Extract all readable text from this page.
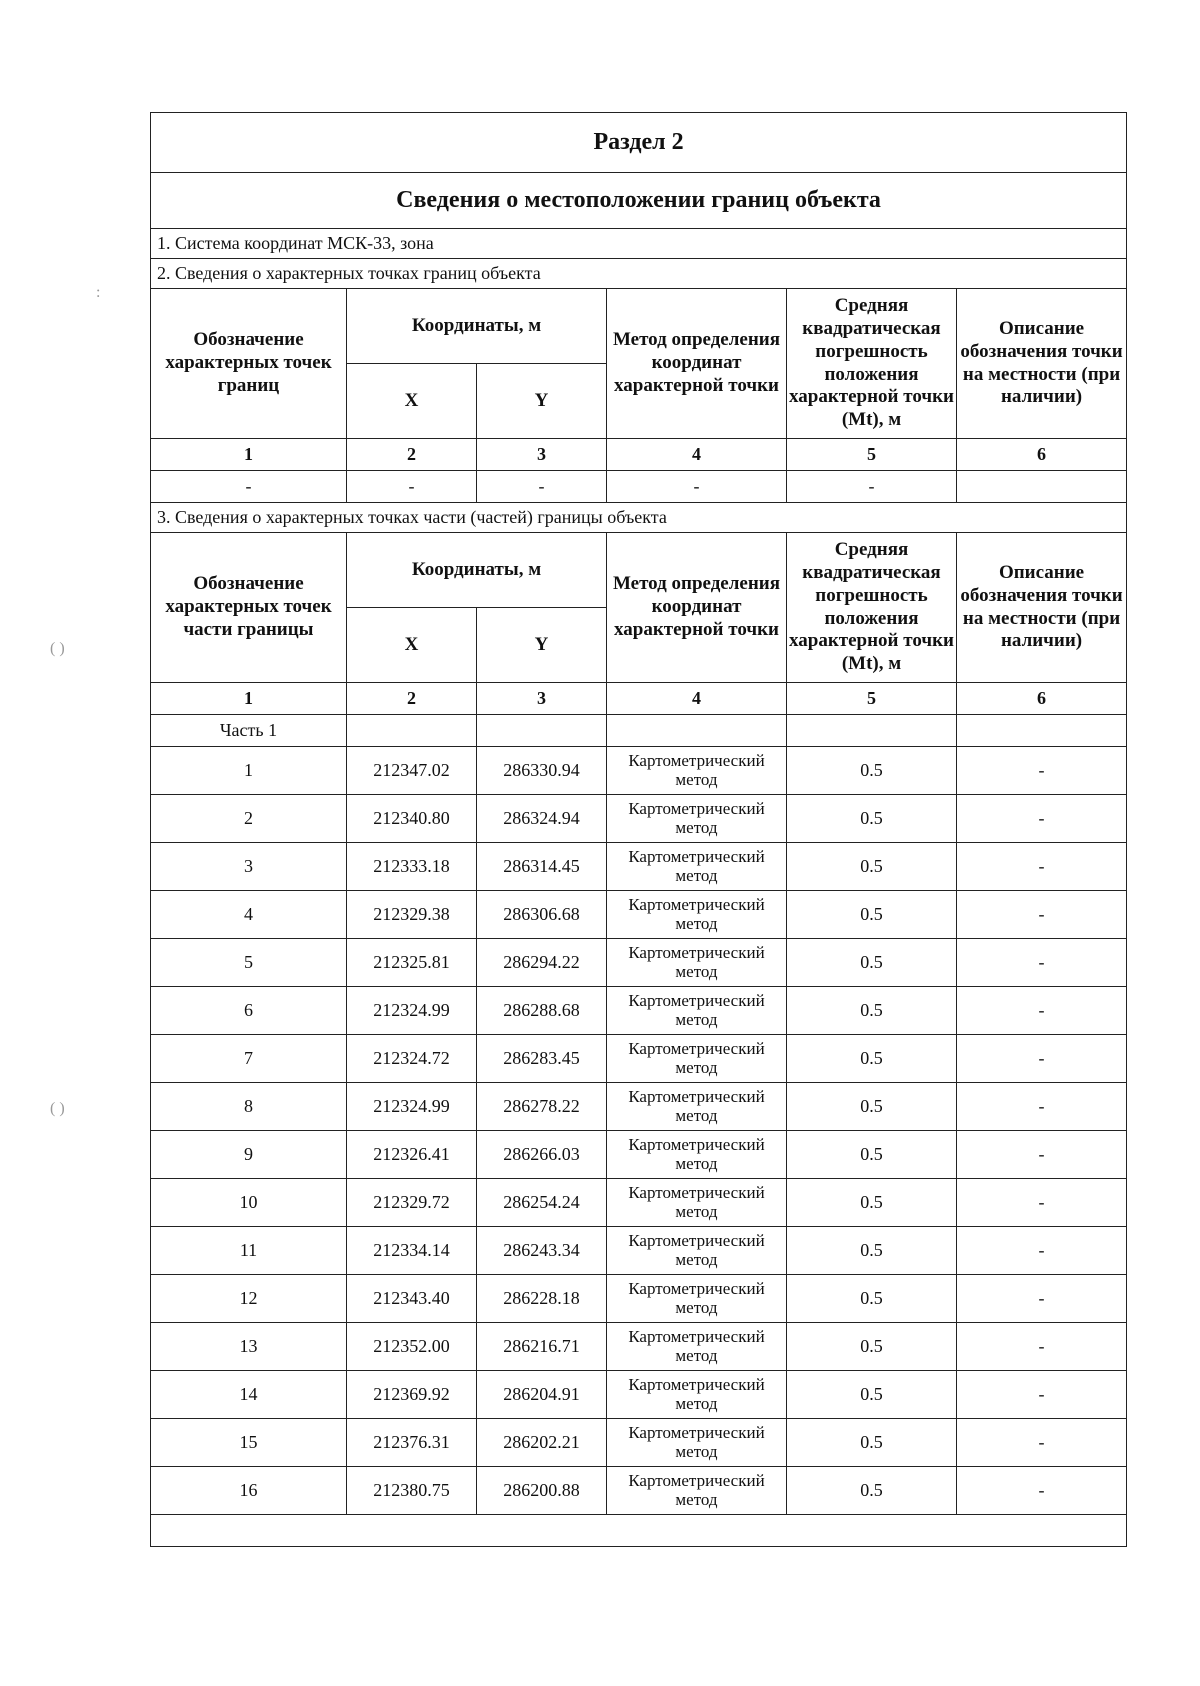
Раздел 2					
Сведения о местоположении границ объекта					
1. Система координат МСК-33, зона					
2. Сведения о характерных точках границ объекта					
Обозначение характерных точек границ	Координаты, м		Метод определения координат характерной точки	Средняя квадратическая погрешность положения характерной точки (Mt), м	Описание обозначения точки на местности (при наличии)
	X	Y			
1	2	3	4	5	6
-	-	-	-	-	
3. Сведения о характерных точках части (частей) границы объекта					
Обозначение характерных точек части границы	Координаты, м		Метод определения координат характерной точки	Средняя квадратическая погрешность положения характерной точки (Mt), м	Описание обозначения точки на местности (при наличии)
	X	Y			
1	2	3	4	5	6
Часть 1					
1	212347.02	286330.94	Картометрический метод	0.5	-
2	212340.80	286324.94	Картометрический метод	0.5	-
3	212333.18	286314.45	Картометрический метод	0.5	-
4	212329.38	286306.68	Картометрический метод	0.5	-
5	212325.81	286294.22	Картометрический метод	0.5	-
6	212324.99	286288.68	Картометрический метод	0.5	-
7	212324.72	286283.45	Картометрический метод	0.5	-
8	212324.99	286278.22	Картометрический метод	0.5	-
9	212326.41	286266.03	Картометрический метод	0.5	-
10	212329.72	286254.24	Картометрический метод	0.5	-
11	212334.14	286243.34	Картометрический метод	0.5	-
12	212343.40	286228.18	Картометрический метод	0.5	-
13	212352.00	286216.71	Картометрический метод	0.5	-
14	212369.92	286204.91	Картометрический метод	0.5	-
15	212376.31	286202.21	Картометрический метод	0.5	-
16	212380.75	286200.88	Картометрический метод	0.5	-

:
( )
( )
